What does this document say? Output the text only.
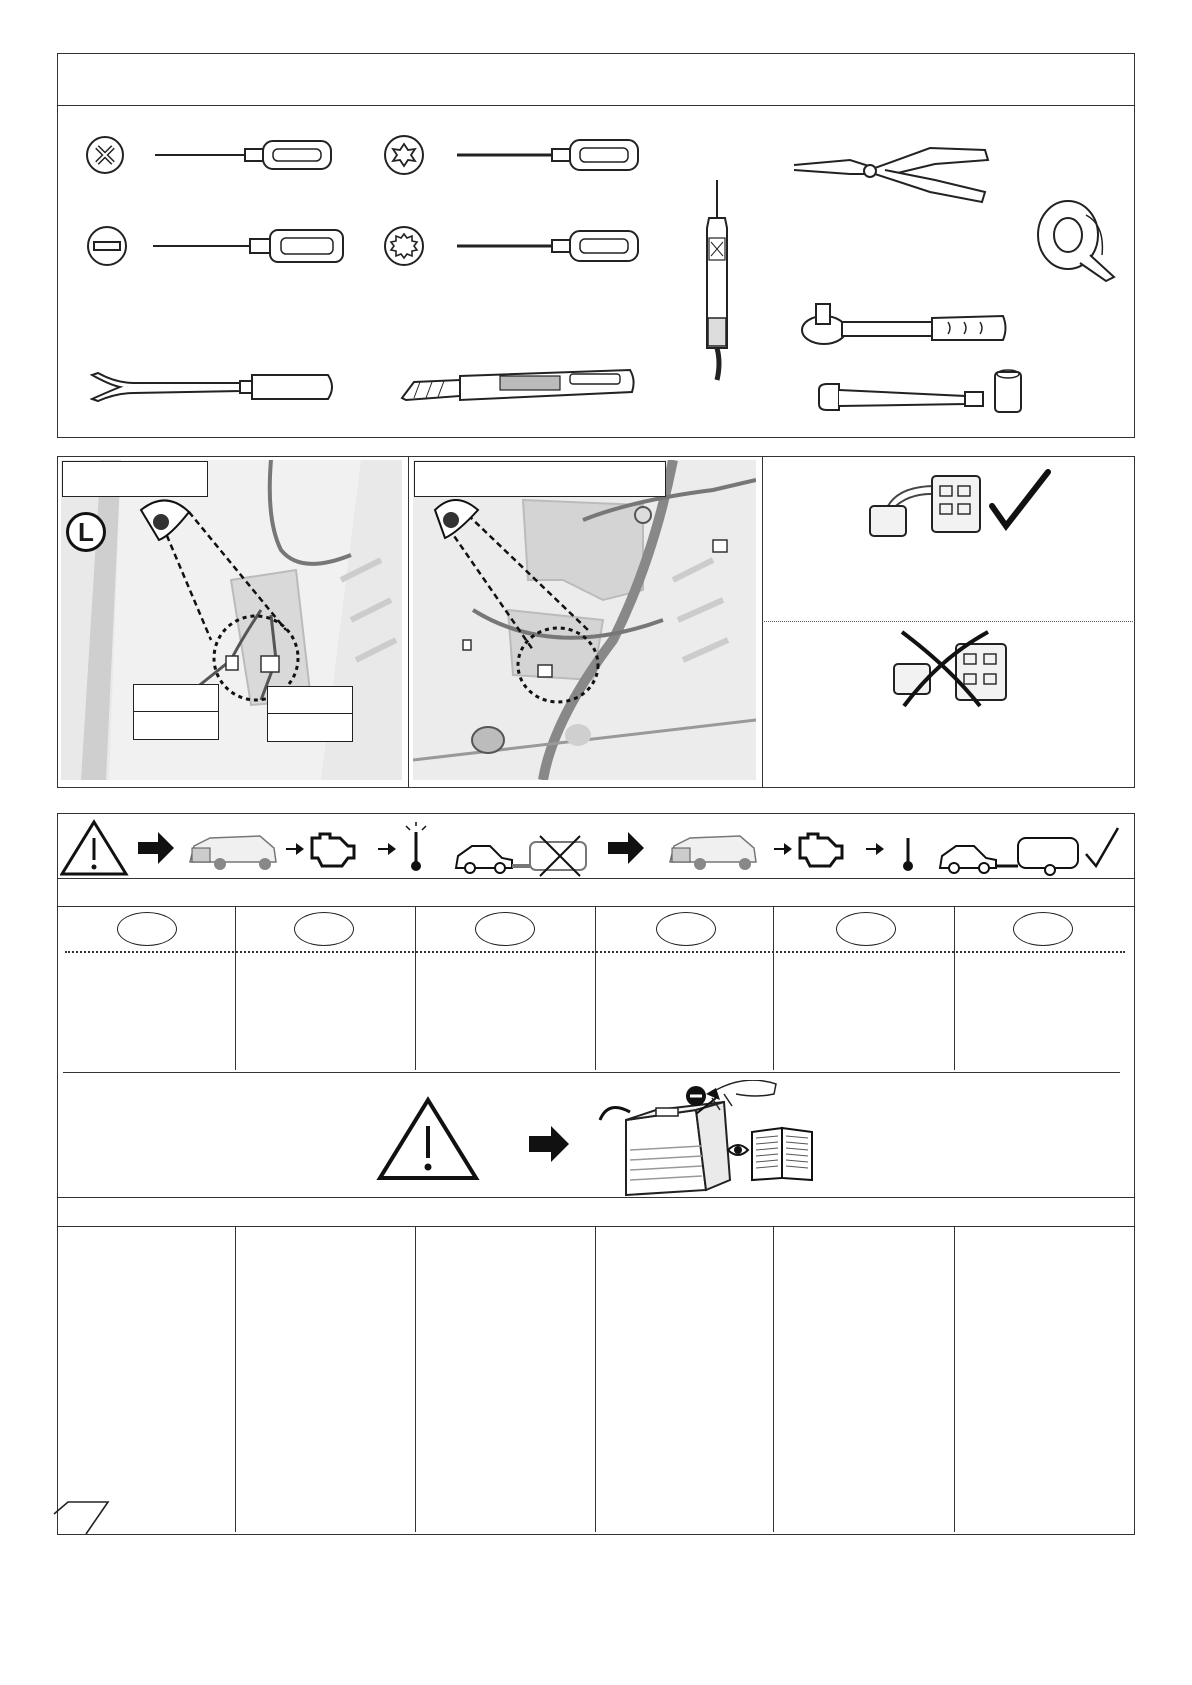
L
